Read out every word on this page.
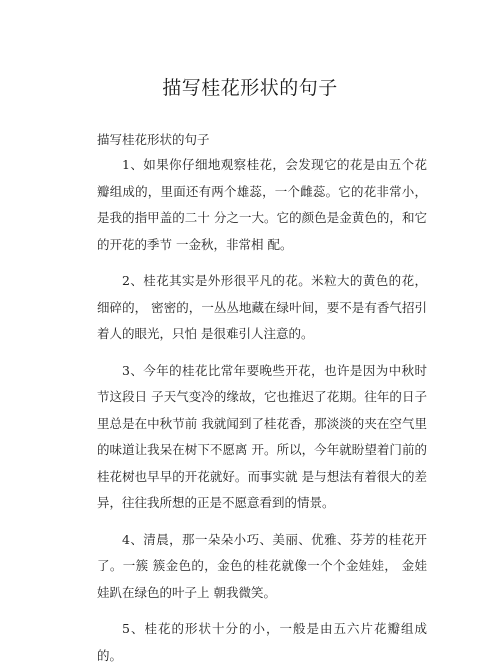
描写桂花形状的句子
描写桂花形状的句子

1、如果你仔细地观察桂花，会发现它的花是由五个花瓣组成的，里面还有两个雄蕊，一个雌蕊。它的花非常小，是我的指甲盖的二十 分之一大。它的颜色是金黄色的，和它的开花的季节 一金秋，非常相 配。

2、桂花其实是外形很平凡的花。米粒大的黄色的花，细碎的， 密密的，一丛丛地藏在绿叶间，要不是有香气招引着人的眼光，只怕 是很难引人注意的。

3、今年的桂花比常年要晚些开花，也许是因为中秋时节这段日 子天气变冷的缘故，它也推迟了花期。往年的日子里总是在中秋节前 我就闻到了桂花香，那淡淡的夹在空气里的味道让我呆在树下不愿离 开。所以，今年就盼望着门前的桂花树也早早的开花就好。而事实就 是与想法有着很大的差异，往往我所想的正是不愿意看到的情景。

4、清晨，那一朵朵小巧、美丽、优雅、芬芳的桂花开了。一簇 簇金色的，金色的桂花就像一个个金娃娃， 金娃娃趴在绿色的叶子上 朝我微笑。

5、桂花的形状十分的小，一般是由五六片花瓣组成的。
